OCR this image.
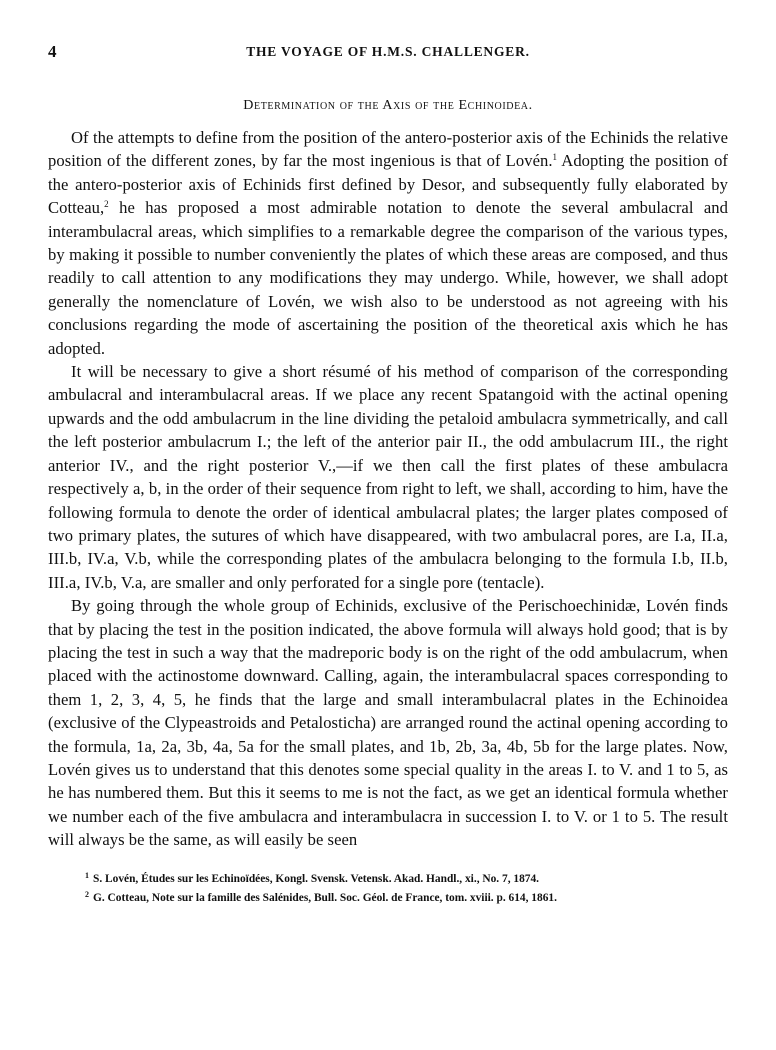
4	THE VOYAGE OF H.M.S. CHALLENGER.
Determination of the Axis of the Echinoidea.

Of the attempts to define from the position of the antero-posterior axis of the Echinids the relative position of the different zones, by far the most ingenious is that of Lovén.$^1$ Adopting the position of the antero-posterior axis of Echinids first defined by Desor, and subsequently fully elaborated by Cotteau,$^2$ he has proposed a most admirable notation to denote the several ambulacral and interambulacral areas, which simplifies to a remarkable degree the comparison of the various types, by making it possible to number conveniently the plates of which these areas are composed, and thus readily to call attention to any modifications they may undergo. While, however, we shall adopt generally the nomenclature of Lovén, we wish also to be understood as not agreeing with his conclusions regarding the mode of ascertaining the position of the theoretical axis which he has adopted.

It will be necessary to give a short résumé of his method of comparison of the corresponding ambulacral and interambulacral areas. If we place any recent Spatangoid with the actinal opening upwards and the odd ambulacrum in the line dividing the petaloid ambulacra symmetrically, and call the left posterior ambulacrum I.; the left of the anterior pair II., the odd ambulacrum III., the right anterior IV., and the right posterior V.,—if we then call the first plates of these ambulacra respectively a, b, in the order of their sequence from right to left, we shall, according to him, have the following formula to denote the order of identical ambulacral plates; the larger plates composed of two primary plates, the sutures of which have disappeared, with two ambulacral pores, are I.a, II.a, III.b, IV.a, V.b, while the corresponding plates of the ambulacra belonging to the formula I.b, II.b, III.a, IV.b, V.a, are smaller and only perforated for a single pore (tentacle).

By going through the whole group of Echinids, exclusive of the Perischoechinidæ, Lovén finds that by placing the test in the position indicated, the above formula will always hold good; that is by placing the test in such a way that the madreporic body is on the right of the odd ambulacrum, when placed with the actinostome downward. Calling, again, the interambulacral spaces corresponding to them 1, 2, 3, 4, 5, he finds that the large and small interambulacral plates in the Echinoidea (exclusive of the Clypeastroids and Petalosticha) are arranged round the actinal opening according to the formula, 1a, 2a, 3b, 4a, 5a for the small plates, and 1b, 2b, 3a, 4b, 5b for the large plates. Now, Lovén gives us to understand that this denotes some special quality in the areas I. to V. and 1 to 5, as he has numbered them. But this it seems to me is not the fact, as we get an identical formula whether we number each of the five ambulacra and interambulacra in succession I. to V. or 1 to 5. The result will always be the same, as will easily be seen

$^1$ S. Lovén, Études sur les Echinoïdées, Kongl. Svensk. Vetensk. Akad. Handl., xi., No. 7, 1874.

$^2$ G. Cotteau, Note sur la famille des Salénides, Bull. Soc. Géol. de France, tom. xviii. p. 614, 1861.
